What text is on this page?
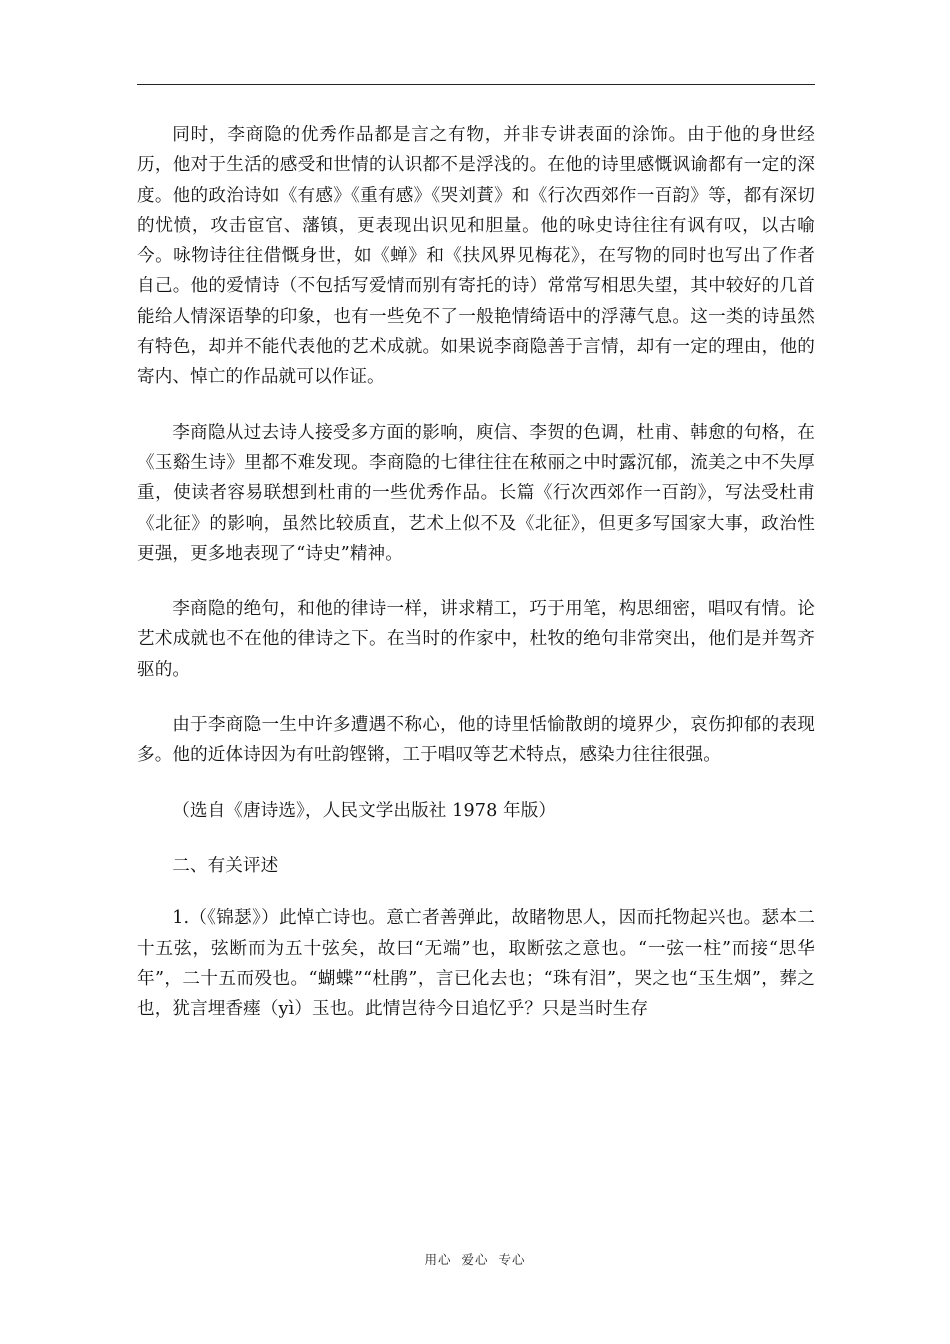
同时，李商隐的优秀作品都是言之有物，并非专讲表面的涂饰。由于他的身世经历，他对于生活的感受和世情的认识都不是浮浅的。在他的诗里感慨讽谕都有一定的深度。他的政治诗如《有感》《重有感》《哭刘蕡》和《行次西郊作一百韵》等，都有深切的忧愤，攻击宦官、藩镇，更表现出识见和胆量。他的咏史诗往往有讽有叹，以古喻今。咏物诗往往借慨身世，如《蝉》和《扶风界见梅花》，在写物的同时也写出了作者自己。他的爱情诗（不包括写爱情而别有寄托的诗）常常写相思失望，其中较好的几首能给人情深语挚的印象，也有一些免不了一般艳情绮语中的浮薄气息。这一类的诗虽然有特色，却并不能代表他的艺术成就。如果说李商隐善于言情，却有一定的理由，他的寄内、悼亡的作品就可以作证。

李商隐从过去诗人接受多方面的影响，庾信、李贺的色调，杜甫、韩愈的句格，在《玉谿生诗》里都不难发现。李商隐的七律往往在秾丽之中时露沉郁，流美之中不失厚重，使读者容易联想到杜甫的一些优秀作品。长篇《行次西郊作一百韵》，写法受杜甫《北征》的影响，虽然比较质直，艺术上似不及《北征》，但更多写国家大事，政治性更强，更多地表现了“诗史”精神。

李商隐的绝句，和他的律诗一样，讲求精工，巧于用笔，构思细密，唱叹有情。论艺术成就也不在他的律诗之下。在当时的作家中，杜牧的绝句非常突出，他们是并驾齐驱的。

由于李商隐一生中许多遭遇不称心，他的诗里恬愉散朗的境界少，哀伤抑郁的表现多。他的近体诗因为有吐韵铿锵，工于唱叹等艺术特点，感染力往往很强。

（选自《唐诗选》，人民文学出版社 1978 年版）

二、有关评述

1.（《锦瑟》）此悼亡诗也。意亡者善弹此，故睹物思人，因而托物起兴也。瑟本二十五弦，弦断而为五十弦矣，故曰“无端”也，取断弦之意也。“一弦一柱”而接“思华年”，二十五而殁也。“蝴蝶”“杜鹃”，言已化去也；“珠有泪”，哭之也“玉生烟”，葬之也，犹言埋香瘗（yì）玉也。此情岂待今日追忆乎？只是当时生存

用心  爱心  专心
